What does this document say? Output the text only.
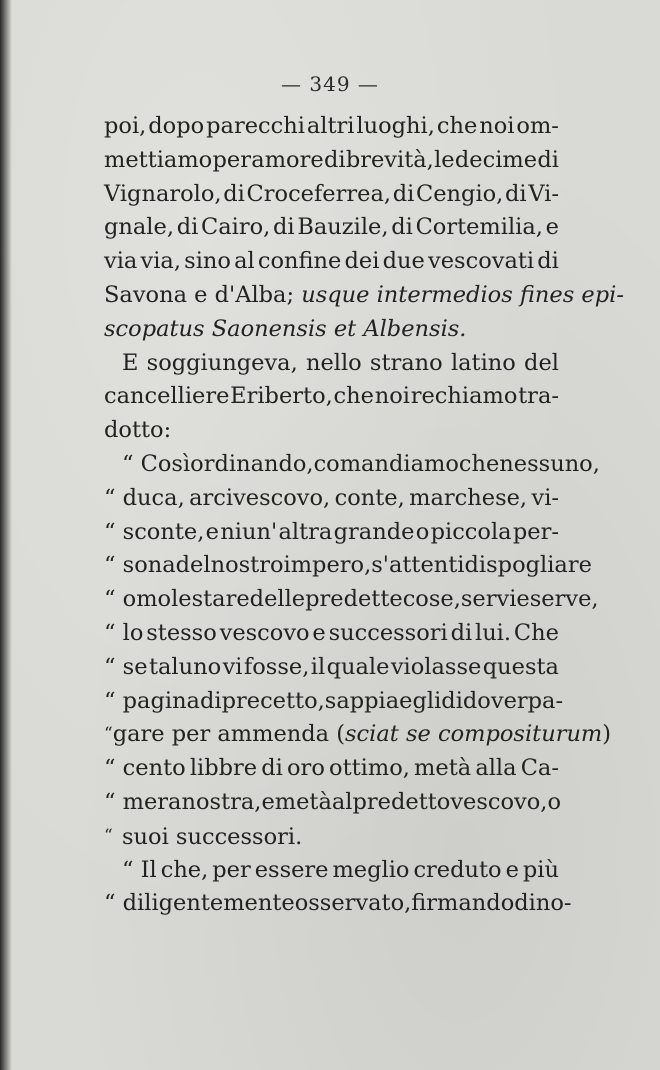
— 349 —
poi, dopo parecchi altri luoghi, che noi om-
mettiamo per amore di brevità, le decime di
Vignarolo, di Croceferrea, di Cengio, di Vi-
gnale, di Cairo, di Bauzile, di Cortemilia, e
via via, sino al confine dei due vescovati di
Savona e d'Alba; usque intermedios fines epi-
scopatus Saonensis et Albensis.
E soggiungeva, nello strano latino del
cancelliere Eriberto, che noi rechiamo tra-
dotto:
“ Così ordinando, comandiamo che nessuno,
“ duca, arcivescovo, conte, marchese, vi-
“ sconte, e niun' altra grande o piccola per-
“ sona del nostro impero, s'attenti di spogliare
“ o molestare delle predette cose, servi e serve,
“ lo stesso vescovo e successori di lui. Che
“ se taluno vi fosse, il quale violasse questa
“ pagina di precetto, sappia egli di dover pa-
“ gare per ammenda ( sciat se compositurum )
“ cento libbre di oro ottimo, metà alla Ca-
“ mera nostra, e metà al predetto vescovo, o
“ suoi successori.
“ Il che, per essere meglio creduto e più
“ diligentemente osservato, firmando di no-
